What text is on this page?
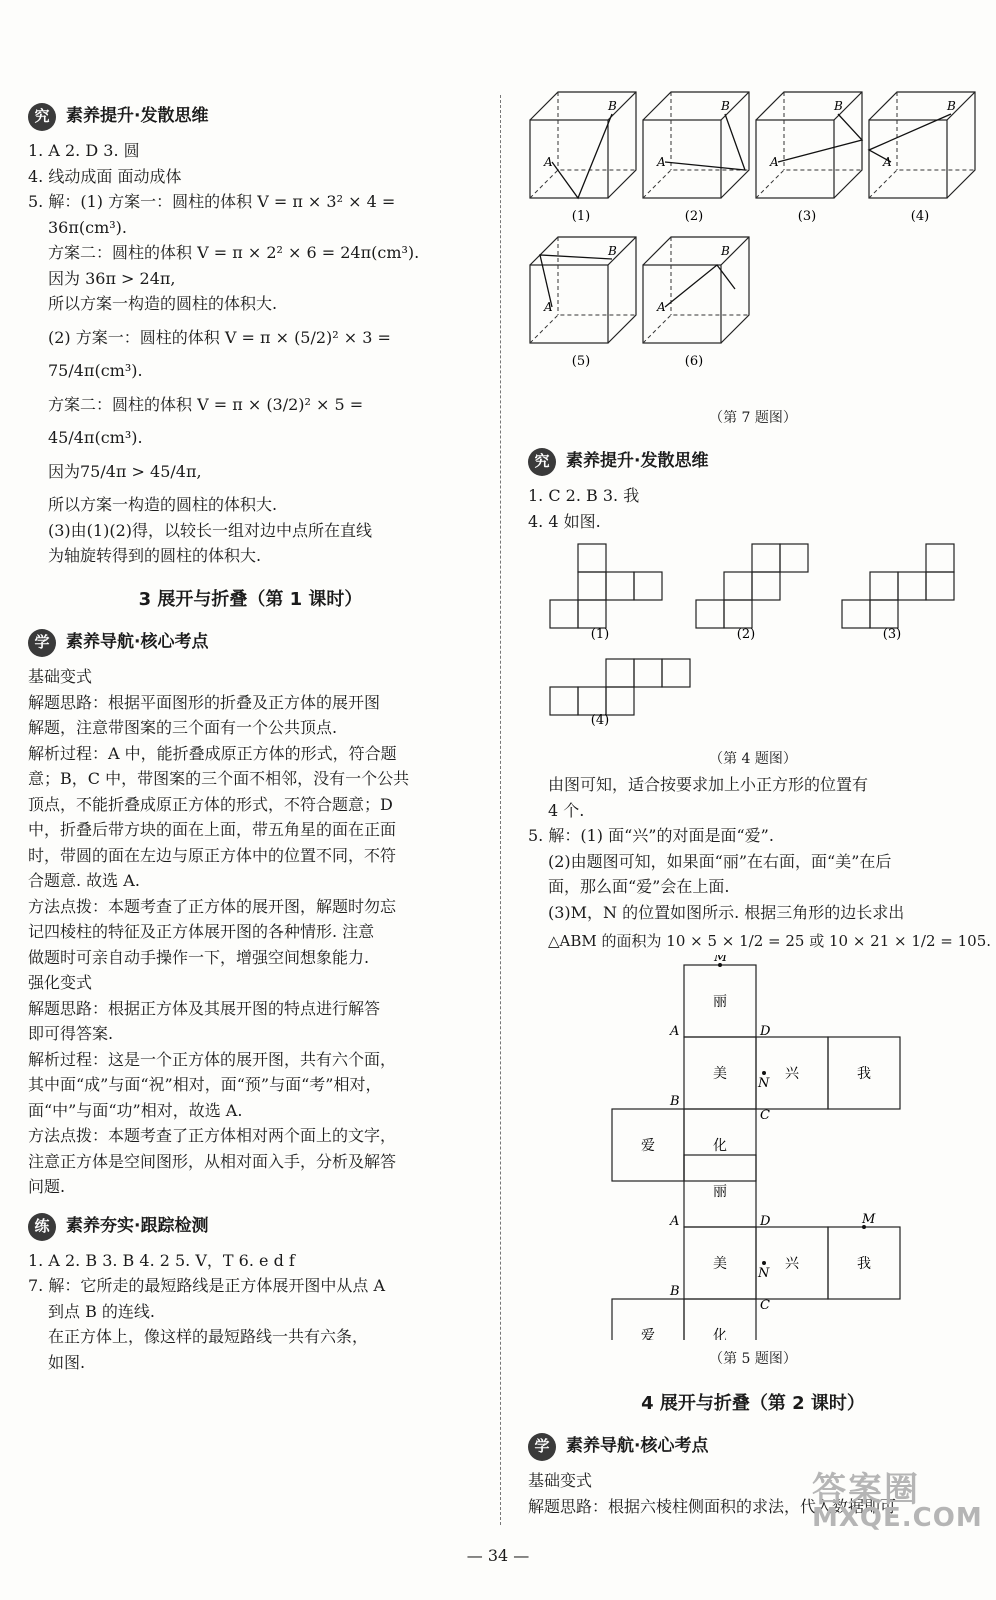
究 素养提升·发散思维
1. A 2. D 3. 圆
4. 线动成面 面动成体
5. 解：(1) 方案一：圆柱的体积 V = π × 3² × 4 =
36π(cm³).
方案二：圆柱的体积 V = π × 2² × 6 = 24π(cm³).
因为 36π > 24π,
所以方案一构造的圆柱的体积大.
(2) 方案一：圆柱的体积 V = π × (5/2)² × 3 =
75/4π(cm³).
方案二：圆柱的体积 V = π × (3/2)² × 5 =
45/4π(cm³).
因为75/4π > 45/4π,
所以方案一构造的圆柱的体积大.
(3)由(1)(2)得，以较长一组对边中点所在直线
为轴旋转得到的圆柱的体积大.
3 展开与折叠（第 1 课时）
学 素养导航·核心考点
基础变式
解题思路：根据平面图形的折叠及正方体的展开图
解题，注意带图案的三个面有一个公共顶点.
解析过程：A 中，能折叠成原正方体的形式，符合题
意；B，C 中，带图案的三个面不相邻，没有一个公共
顶点，不能折叠成原正方体的形式，不符合题意；D
中，折叠后带方块的面在上面，带五角星的面在正面
时，带圆的面在左边与原正方体中的位置不同，不符
合题意. 故选 A.
方法点拨：本题考查了正方体的展开图，解题时勿忘
记四棱柱的特征及正方体展开图的各种情形. 注意
做题时可亲自动手操作一下，增强空间想象能力.
强化变式
解题思路：根据正方体及其展开图的特点进行解答
即可得答案.
解析过程：这是一个正方体的展开图，共有六个面，
其中面“成”与面“祝”相对，面“预”与面“考”相对，
面“中”与面“功”相对，故选 A.
方法点拨：本题考查了正方体相对两个面上的文字，
注意正方体是空间图形，从相对面入手，分析及解答
问题.
练 素养夯实·跟踪检测
1. A 2. B 3. B 4. 2 5. V，T 6. e d f
7. 解：它所走的最短路线是正方体展开图中从点 A
到点 B 的连线.
在正方体上，像这样的最短路线一共有六条，
如图.
A
B
(1)
A
B
(2)
A
B
(3)
A
B
(4)
A
B
(5)
A
B
(6)
（第 7 题图）
究 素养提升·发散思维
1. C 2. B 3. 我
4. 4 如图.
(1)	(2)	(3)
(4)
（第 4 题图）
由图可知，适合按要求加上小正方形的位置有
4 个.
5. 解：(1) 面“兴”的对面是面“爱”.
(2)由题图可知，如果面“丽”在右面，面“美”在后
面，那么面“爱”会在上面.
(3)M，N 的位置如图所示. 根据三角形的边长求出
△ABM 的面积为 10 × 5 × 1/2 = 25 或 10 × 21 × 1/2 = 105.
丽
美	兴	我
爱	化
M
A	D
N
B
C
丽
美	兴	我
爱	化
M
A	D
N
B
C
（第 5 题图）
4 展开与折叠（第 2 课时）
学 素养导航·核心考点
基础变式
解题思路：根据六棱柱侧面积的求法，代入数据即可
— 34 —
答案圈
MXQE.COM
